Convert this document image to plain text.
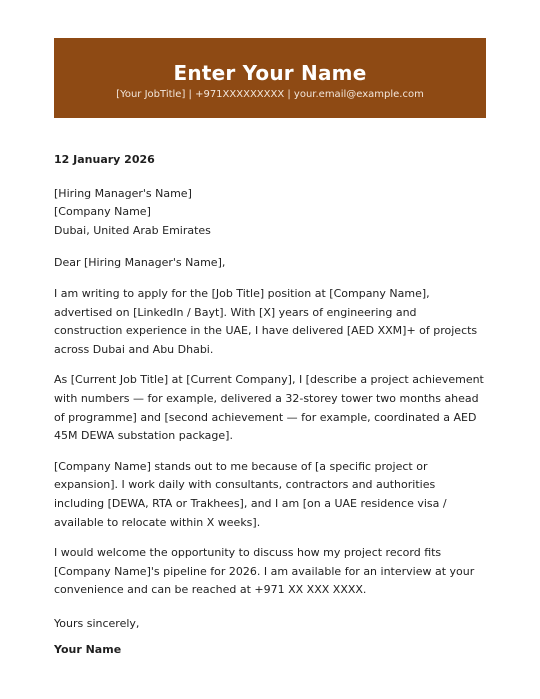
Enter Your Name
[Your JobTitle] | +971XXXXXXXXX | your.email@example.com
12 January 2026
[Hiring Manager's Name]
[Company Name]
Dubai, United Arab Emirates
Dear [Hiring Manager's Name],

I am writing to apply for the [Job Title] position at [Company Name], advertised on [LinkedIn / Bayt]. With [X] years of engineering and construction experience in the UAE, I have delivered [AED XXM]+ of projects across Dubai and Abu Dhabi.

As [Current Job Title] at [Current Company], I [describe a project achievement with numbers — for example, delivered a 32-storey tower two months ahead of programme] and [second achievement — for example, coordinated a AED 45M DEWA substation package].

[Company Name] stands out to me because of [a specific project or expansion]. I work daily with consultants, contractors and authorities including [DEWA, RTA or Trakhees], and I am [on a UAE residence visa / available to relocate within X weeks].

I would welcome the opportunity to discuss how my project record fits [Company Name]'s pipeline for 2026. I am available for an interview at your convenience and can be reached at +971 XX XXX XXXX.

Yours sincerely,
Your Name
